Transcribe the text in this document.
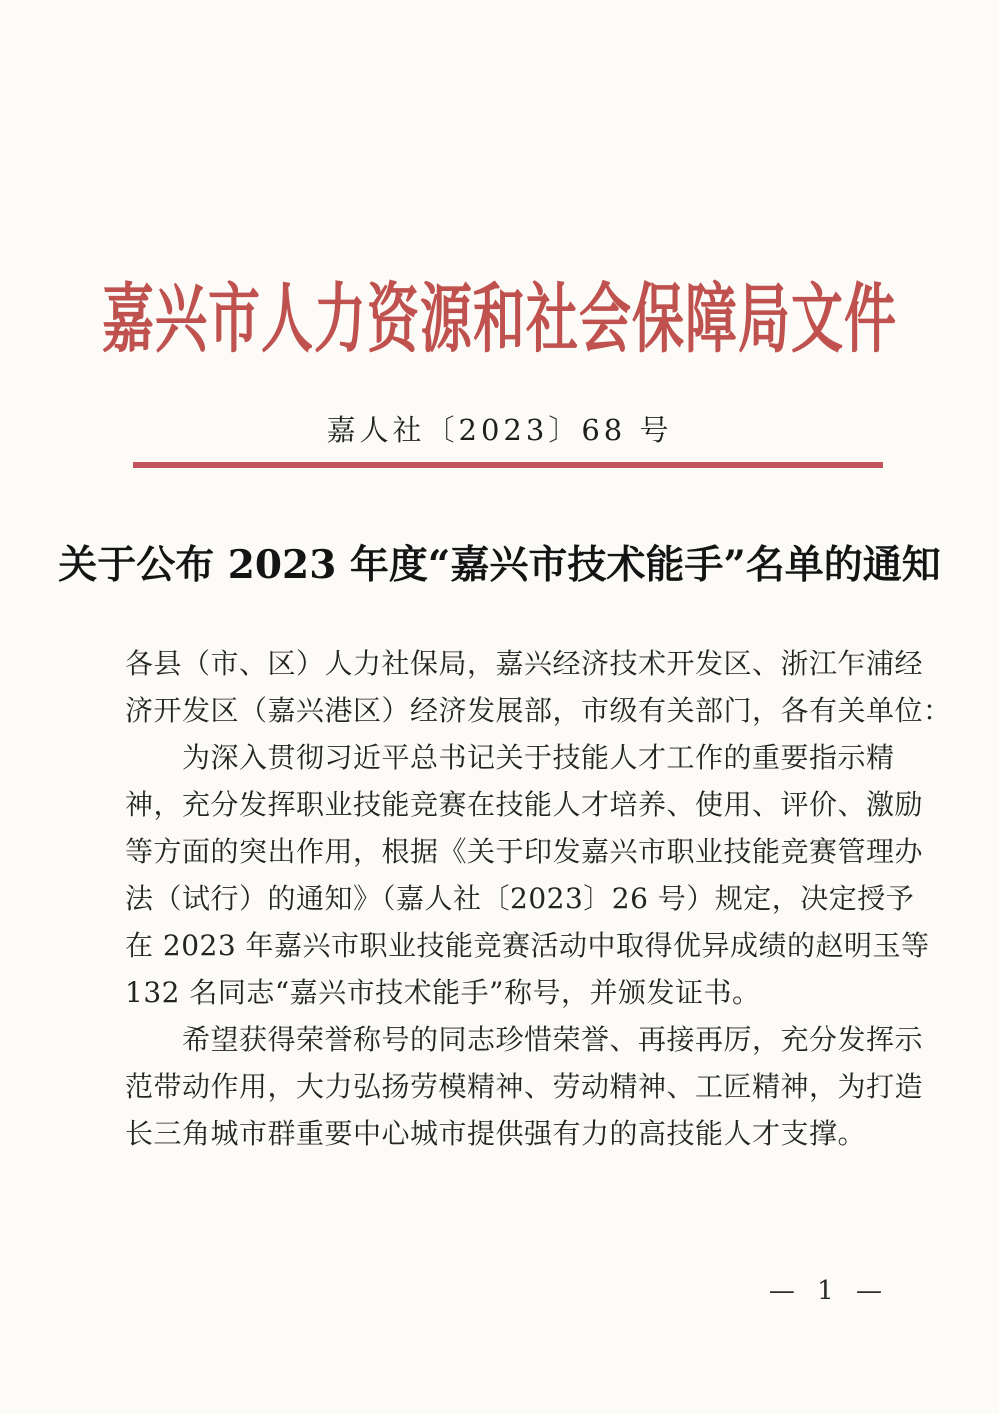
嘉兴市人力资源和社会保障局文件
嘉人社〔2023〕68 号
关于公布 2023 年度“嘉兴市技术能手”名单的通知
各县（市、区）人力社保局，嘉兴经济技术开发区、浙江乍浦经
济开发区（嘉兴港区）经济发展部，市级有关部门，各有关单位：
为深入贯彻习近平总书记关于技能人才工作的重要指示精
神，充分发挥职业技能竞赛在技能人才培养、使用、评价、激励
等方面的突出作用，根据《关于印发嘉兴市职业技能竞赛管理办
法（试行）的通知》（嘉人社〔2023〕26 号）规定，决定授予
在 2023 年嘉兴市职业技能竞赛活动中取得优异成绩的赵明玉等
132 名同志“嘉兴市技术能手”称号，并颁发证书。
希望获得荣誉称号的同志珍惜荣誉、再接再厉，充分发挥示
范带动作用，大力弘扬劳模精神、劳动精神、工匠精神，为打造
长三角城市群重要中心城市提供强有力的高技能人才支撑。
— 1 —
